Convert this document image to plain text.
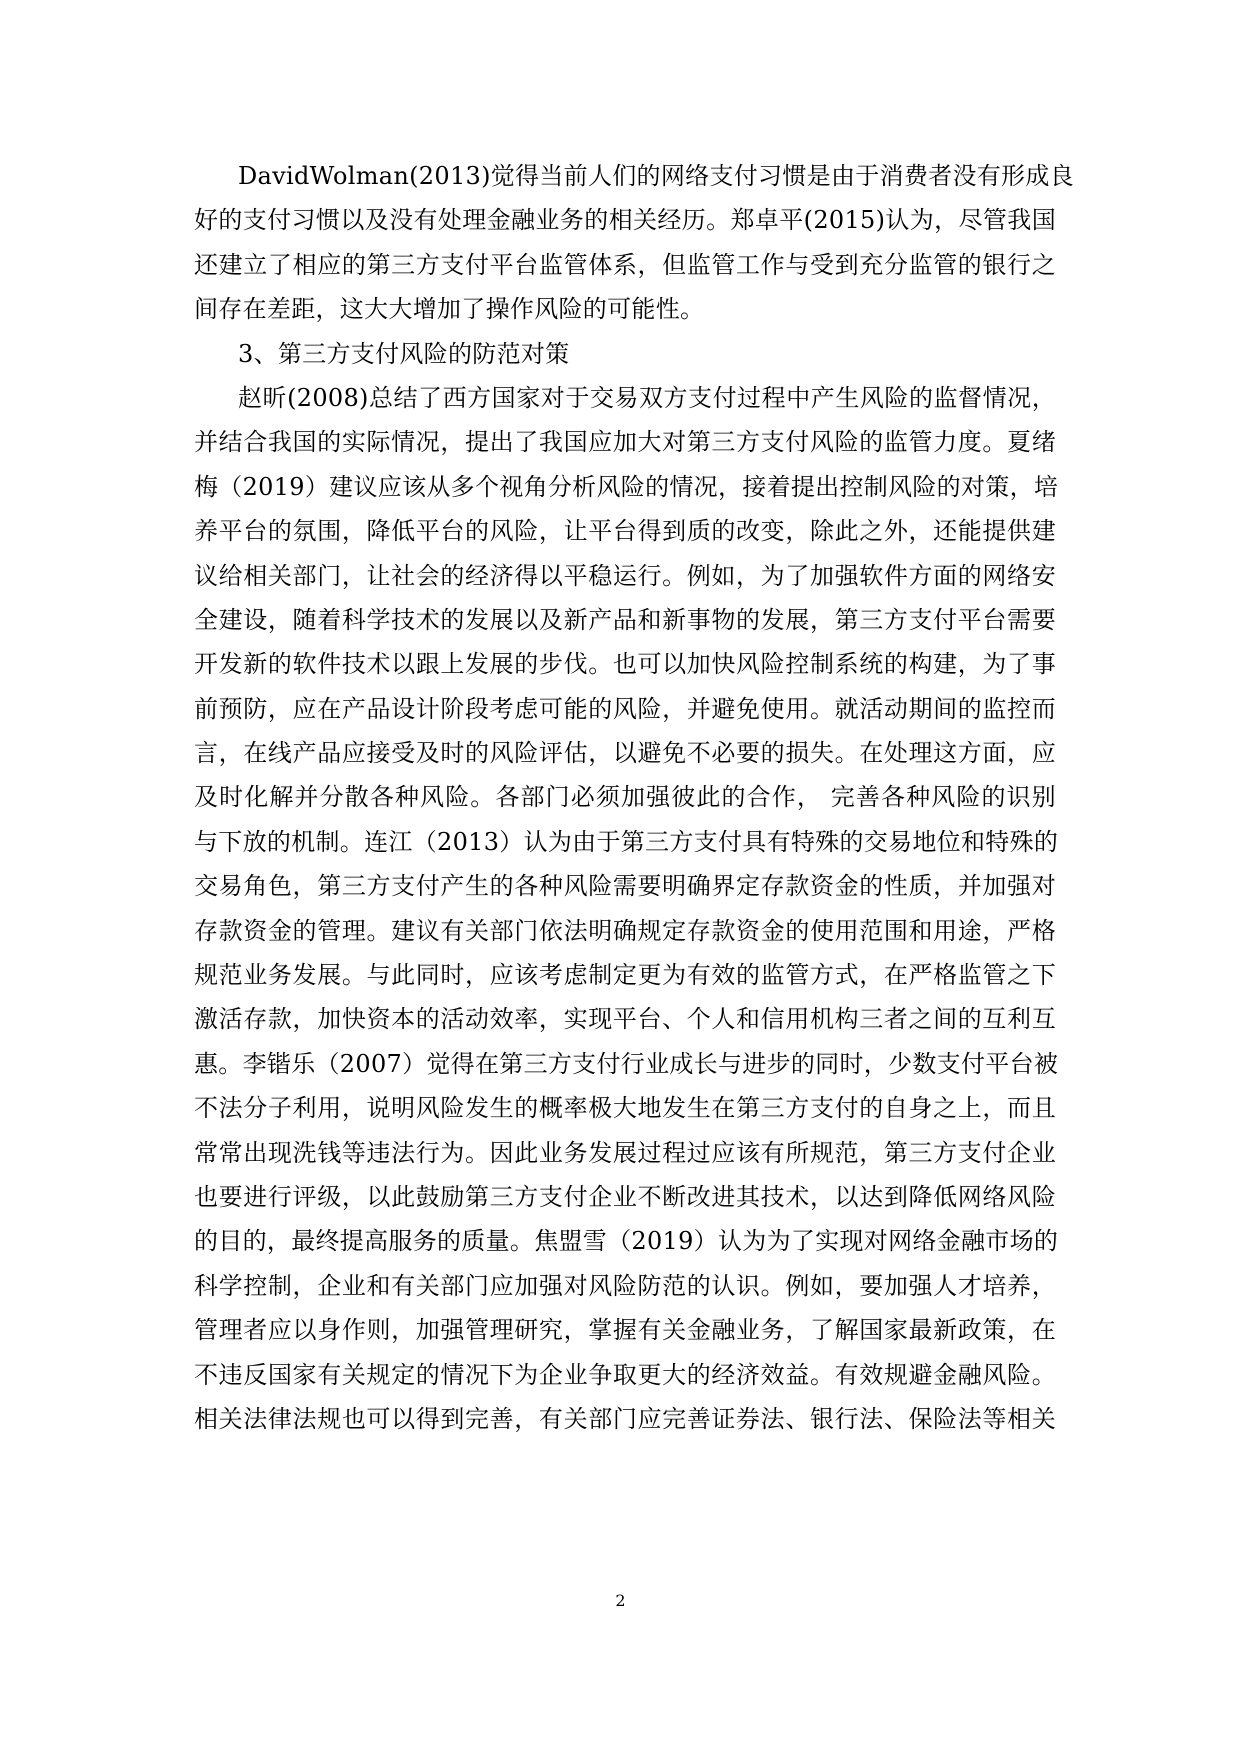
DavidWolman(2013)觉得当前人们的网络支付习惯是由于消费者没有形成良
好的支付习惯以及没有处理金融业务的相关经历。郑卓平(2015)认为，尽管我国
还建立了相应的第三方支付平台监管体系，但监管工作与受到充分监管的银行之
间存在差距，这大大增加了操作风险的可能性。
3、第三方支付风险的防范对策
赵昕(2008)总结了西方国家对于交易双方支付过程中产生风险的监督情况，
并结合我国的实际情况，提出了我国应加大对第三方支付风险的监管力度。夏绪
梅（2019）建议应该从多个视角分析风险的情况，接着提出控制风险的对策，培
养平台的氛围，降低平台的风险，让平台得到质的改变，除此之外，还能提供建
议给相关部门，让社会的经济得以平稳运行。例如，为了加强软件方面的网络安
全建设，随着科学技术的发展以及新产品和新事物的发展，第三方支付平台需要
开发新的软件技术以跟上发展的步伐。也可以加快风险控制系统的构建，为了事
前预防，应在产品设计阶段考虑可能的风险，并避免使用。就活动期间的监控而
言，在线产品应接受及时的风险评估，以避免不必要的损失。在处理这方面，应
及时化解并分散各种风险。各部门必须加强彼此的合作， 完善各种风险的识别
与下放的机制。连江（2013）认为由于第三方支付具有特殊的交易地位和特殊的
交易角色，第三方支付产生的各种风险需要明确界定存款资金的性质，并加强对
存款资金的管理。建议有关部门依法明确规定存款资金的使用范围和用途，严格
规范业务发展。与此同时，应该考虑制定更为有效的监管方式，在严格监管之下
激活存款，加快资本的活动效率，实现平台、个人和信用机构三者之间的互利互
惠。李锴乐（2007）觉得在第三方支付行业成长与进步的同时，少数支付平台被
不法分子利用，说明风险发生的概率极大地发生在第三方支付的自身之上，而且
常常出现洗钱等违法行为。因此业务发展过程过应该有所规范，第三方支付企业
也要进行评级，以此鼓励第三方支付企业不断改进其技术，以达到降低网络风险
的目的，最终提高服务的质量。焦盟雪（2019）认为为了实现对网络金融市场的
科学控制，企业和有关部门应加强对风险防范的认识。例如，要加强人才培养，
管理者应以身作则，加强管理研究，掌握有关金融业务，了解国家最新政策，在
不违反国家有关规定的情况下为企业争取更大的经济效益。有效规避金融风险。
相关法律法规也可以得到完善，有关部门应完善证券法、银行法、保险法等相关
2
